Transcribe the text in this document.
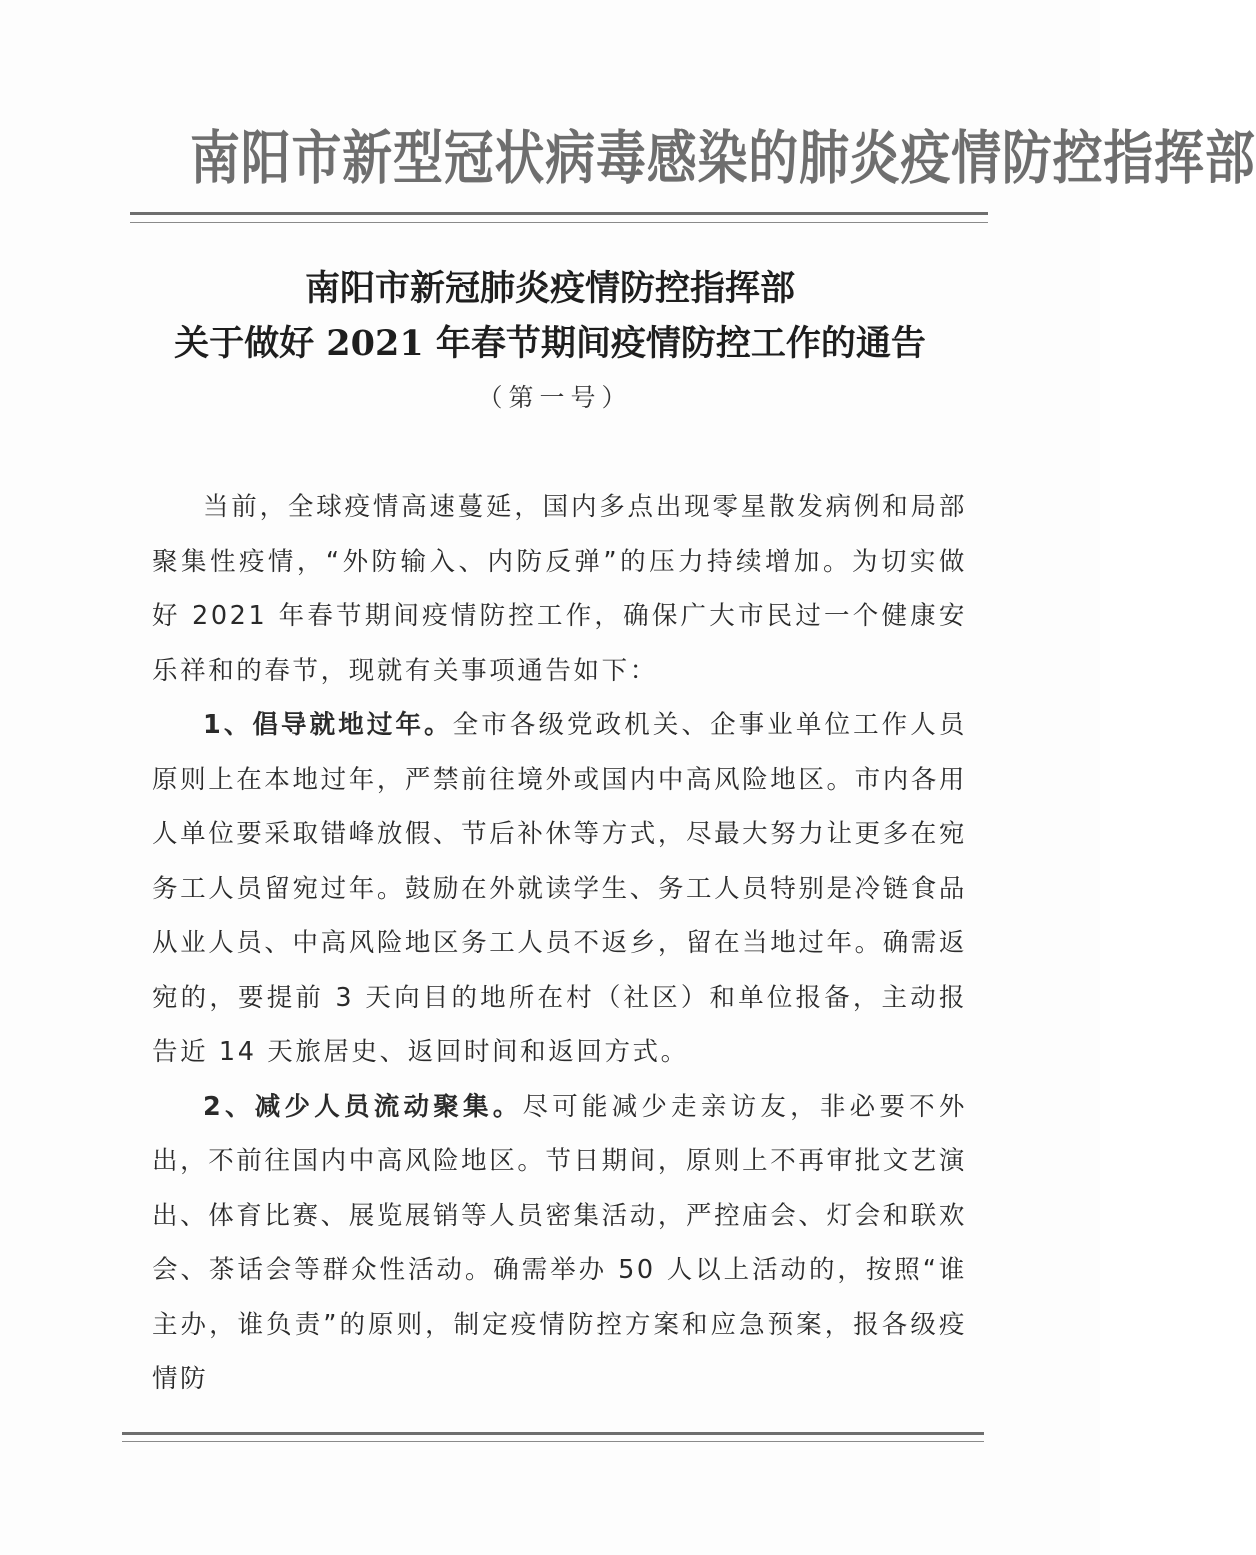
南阳市新型冠状病毒感染的肺炎疫情防控指挥部
南阳市新冠肺炎疫情防控指挥部
关于做好 2021 年春节期间疫情防控工作的通告
（第一号）

当前，全球疫情高速蔓延，国内多点出现零星散发病例和局部聚集性疫情，“外防输入、内防反弹”的压力持续增加。为切实做好 2021 年春节期间疫情防控工作，确保广大市民过一个健康安乐祥和的春节，现就有关事项通告如下：

1、倡导就地过年。全市各级党政机关、企事业单位工作人员原则上在本地过年，严禁前往境外或国内中高风险地区。市内各用人单位要采取错峰放假、节后补休等方式，尽最大努力让更多在宛务工人员留宛过年。鼓励在外就读学生、务工人员特别是冷链食品从业人员、中高风险地区务工人员不返乡，留在当地过年。确需返宛的，要提前 3 天向目的地所在村（社区）和单位报备，主动报告近 14 天旅居史、返回时间和返回方式。

2、减少人员流动聚集。尽可能减少走亲访友，非必要不外出，不前往国内中高风险地区。节日期间，原则上不再审批文艺演出、体育比赛、展览展销等人员密集活动，严控庙会、灯会和联欢会、茶话会等群众性活动。确需举办 50 人以上活动的，按照“谁主办，谁负责”的原则，制定疫情防控方案和应急预案，报各级疫情防
